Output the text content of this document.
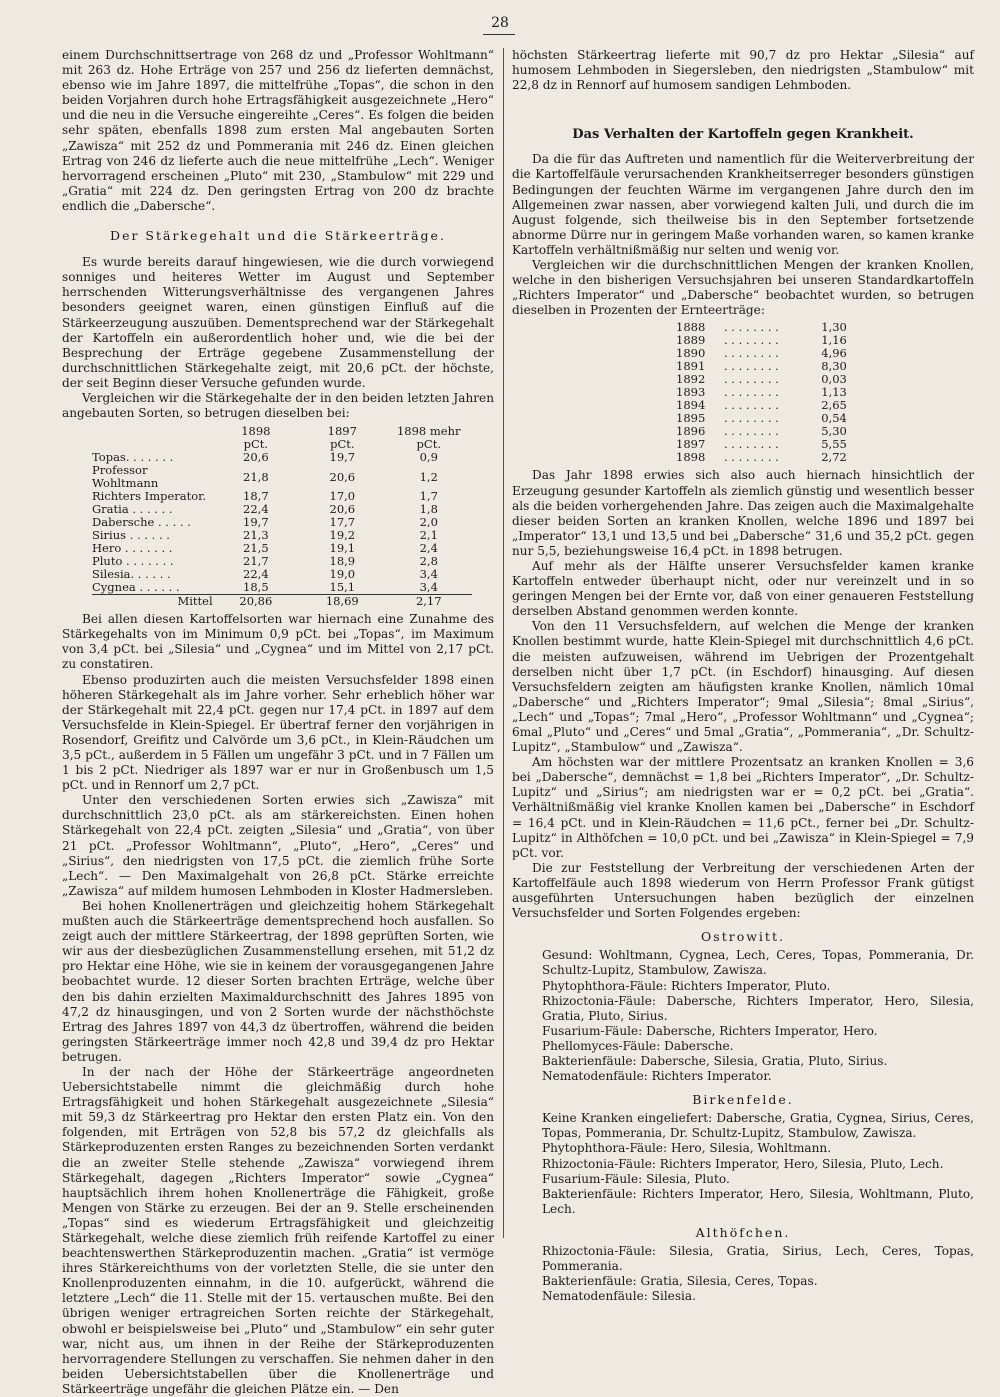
28

einem Durchschnittsertrage von 268 dz und „Professor Wohltmann“ mit 263 dz. Hohe Erträge von 257 und 256 dz lieferten demnächst, ebenso wie im Jahre 1897, die mittelfrühe „Topas“, die schon in den beiden Vorjahren durch hohe Ertragsfähigkeit ausgezeichnete „Hero“ und die neu in die Versuche eingereihte „Ceres“. Es folgen die beiden sehr späten, ebenfalls 1898 zum ersten Mal angebauten Sorten „Zawisza“ mit 252 dz und Pommerania mit 246 dz. Einen gleichen Ertrag von 246 dz lieferte auch die neue mittelfrühe „Lech“. Weniger hervorragend erscheinen „Pluto“ mit 230, „Stambulow“ mit 229 und „Gratia“ mit 224 dz. Den geringsten Ertrag von 200 dz brachte endlich die „Dabersche“.

Der Stärkegehalt und die Stärkeerträge.

Es wurde bereits darauf hingewiesen, wie die durch vorwiegend sonniges und heiteres Wetter im August und September herrschenden Witterungsverhältnisse des vergangenen Jahres besonders geeignet waren, einen günstigen Einfluß auf die Stärkeerzeugung auszuüben. Dementsprechend war der Stärkegehalt der Kartoffeln ein außerordentlich hoher und, wie die bei der Besprechung der Erträge gegebene Zusammenstellung der durchschnittlichen Stärkegehalte zeigt, mit 20,6 pCt. der höchste, der seit Beginn dieser Versuche gefunden wurde.

Vergleichen wir die Stärkegehalte der in den beiden letzten Jahren angebauten Sorten, so betrugen dieselben bei:

	1898	1897	1898 mehr
	pCt.	pCt.	pCt.
Topas. . . . . . .	20,6	19,7	0,9
Professor Wohltmann	21,8	20,6	1,2
Richters Imperator.	18,7	17,0	1,7
Gratia . . . . . .	22,4	20,6	1,8
Dabersche . . . . .	19,7	17,7	2,0
Sirius . . . . . .	21,3	19,2	2,1
Hero . . . . . . .	21,5	19,1	2,4
Pluto . . . . . . .	21,7	18,9	2,8
Silesia. . . . . .	22,4	19,0	3,4
Cygnea . . . . . .	18,5	15,1	3,4
Mittel	20,86	18,69	2,17

Bei allen diesen Kartoffelsorten war hiernach eine Zunahme des Stärkegehalts von im Minimum 0,9 pCt. bei „Topas“, im Maximum von 3,4 pCt. bei „Silesia“ und „Cygnea“ und im Mittel von 2,17 pCt. zu constatiren.

Ebenso produzirten auch die meisten Versuchsfelder 1898 einen höheren Stärkegehalt als im Jahre vorher. Sehr erheblich höher war der Stärkegehalt mit 22,4 pCt. gegen nur 17,4 pCt. in 1897 auf dem Versuchsfelde in Klein-Spiegel. Er übertraf ferner den vorjährigen in Rosendorf, Greifitz und Calvörde um 3,6 pCt., in Klein-Räudchen um 3,5 pCt., außerdem in 5 Fällen um ungefähr 3 pCt. und in 7 Fällen um 1 bis 2 pCt. Niedriger als 1897 war er nur in Großenbusch um 1,5 pCt. und in Rennorf um 2,7 pCt.

Unter den verschiedenen Sorten erwies sich „Zawisza“ mit durchschnittlich 23,0 pCt. als am stärkereichsten. Einen hohen Stärkegehalt von 22,4 pCt. zeigten „Silesia“ und „Gratia“, von über 21 pCt. „Professor Wohltmann“, „Pluto“, „Hero“, „Ceres“ und „Sirius“, den niedrigsten von 17,5 pCt. die ziemlich frühe Sorte „Lech“. — Den Maximalgehalt von 26,8 pCt. Stärke erreichte „Zawisza“ auf mildem humosen Lehmboden in Kloster Hadmersleben.

Bei hohen Knollenerträgen und gleichzeitig hohem Stärkegehalt mußten auch die Stärkeerträge dementsprechend hoch ausfallen. So zeigt auch der mittlere Stärkeertrag, der 1898 geprüften Sorten, wie wir aus der diesbezüglichen Zusammenstellung ersehen, mit 51,2 dz pro Hektar eine Höhe, wie sie in keinem der vorausgegangenen Jahre beobachtet wurde. 12 dieser Sorten brachten Erträge, welche über den bis dahin erzielten Maximaldurchschnitt des Jahres 1895 von 47,2 dz hinausgingen, und von 2 Sorten wurde der nächsthöchste Ertrag des Jahres 1897 von 44,3 dz übertroffen, während die beiden geringsten Stärkeerträge immer noch 42,8 und 39,4 dz pro Hektar betrugen.

In der nach der Höhe der Stärkeerträge angeordneten Uebersichtstabelle nimmt die gleichmäßig durch hohe Ertragsfähigkeit und hohen Stärkegehalt ausgezeichnete „Silesia“ mit 59,3 dz Stärkeertrag pro Hektar den ersten Platz ein. Von den folgenden, mit Erträgen von 52,8 bis 57,2 dz gleichfalls als Stärkeproduzenten ersten Ranges zu bezeichnenden Sorten verdankt die an zweiter Stelle stehende „Zawisza“ vorwiegend ihrem Stärkegehalt, dagegen „Richters Imperator“ sowie „Cygnea“ hauptsächlich ihrem hohen Knollenerträge die Fähigkeit, große Mengen von Stärke zu erzeugen. Bei der an 9. Stelle erscheinenden „Topas“ sind es wiederum Ertragsfähigkeit und gleichzeitig Stärkegehalt, welche diese ziemlich früh reifende Kartoffel zu einer beachtenswerthen Stärkeproduzentin machen. „Gratia“ ist vermöge ihres Stärkereichthums von der vorletzten Stelle, die sie unter den Knollenproduzenten einnahm, in die 10. aufgerückt, während die letztere „Lech“ die 11. Stelle mit der 15. vertauschen mußte. Bei den übrigen weniger ertragreichen Sorten reichte der Stärkegehalt, obwohl er beispielsweise bei „Pluto“ und „Stambulow“ ein sehr guter war, nicht aus, um ihnen in der Reihe der Stärkeproduzenten hervorragendere Stellungen zu verschaffen. Sie nehmen daher in den beiden Uebersichtstabellen über die Knollenerträge und Stärkeerträge ungefähr die gleichen Plätze ein. — Den

höchsten Stärkeertrag lieferte mit 90,7 dz pro Hektar „Silesia“ auf humosem Lehmboden in Siegersleben, den niedrigsten „Stambulow“ mit 22,8 dz in Rennorf auf humosem sandigen Lehmboden.

Das Verhalten der Kartoffeln gegen Krankheit.

Da die für das Auftreten und namentlich für die Weiterverbreitung der die Kartoffelfäule verursachenden Krankheitserreger besonders günstigen Bedingungen der feuchten Wärme im vergangenen Jahre durch den im Allgemeinen zwar nassen, aber vorwiegend kalten Juli, und durch die im August folgende, sich theilweise bis in den September fortsetzende abnorme Dürre nur in geringem Maße vorhanden waren, so kamen kranke Kartoffeln verhältnißmäßig nur selten und wenig vor.

Vergleichen wir die durchschnittlichen Mengen der kranken Knollen, welche in den bisherigen Versuchsjahren bei unseren Standardkartoffeln „Richters Imperator“ und „Dabersche“ beobachtet wurden, so betrugen dieselben in Prozenten der Ernteerträge:

1888	. . . . . . . .	1,30
1889	. . . . . . . .	1,16
1890	. . . . . . . .	4,96
1891	. . . . . . . .	8,30
1892	. . . . . . . .	0,03
1893	. . . . . . . .	1,13
1894	. . . . . . . .	2,65
1895	. . . . . . . .	0,54
1896	. . . . . . . .	5,30
1897	. . . . . . . .	5,55
1898	. . . . . . . .	2,72

Das Jahr 1898 erwies sich also auch hiernach hinsichtlich der Erzeugung gesunder Kartoffeln als ziemlich günstig und wesentlich besser als die beiden vorhergehenden Jahre. Das zeigen auch die Maximalgehalte dieser beiden Sorten an kranken Knollen, welche 1896 und 1897 bei „Imperator“ 13,1 und 13,5 und bei „Dabersche“ 31,6 und 35,2 pCt. gegen nur 5,5, beziehungsweise 16,4 pCt. in 1898 betrugen.

Auf mehr als der Hälfte unserer Versuchsfelder kamen kranke Kartoffeln entweder überhaupt nicht, oder nur vereinzelt und in so geringen Mengen bei der Ernte vor, daß von einer genaueren Feststellung derselben Abstand genommen werden konnte.

Von den 11 Versuchsfeldern, auf welchen die Menge der kranken Knollen bestimmt wurde, hatte Klein-Spiegel mit durchschnittlich 4,6 pCt. die meisten aufzuweisen, während im Uebrigen der Prozentgehalt derselben nicht über 1,7 pCt. (in Eschdorf) hinausging. Auf diesen Versuchsfeldern zeigten am häufigsten kranke Knollen, nämlich 10mal „Dabersche“ und „Richters Imperator“; 9mal „Silesia“; 8mal „Sirius“, „Lech“ und „Topas“; 7mal „Hero“, „Professor Wohltmann“ und „Cygnea“; 6mal „Pluto“ und „Ceres“ und 5mal „Gratia“, „Pommerania“, „Dr. Schultz-Lupitz“, „Stambulow“ und „Zawisza“.

Am höchsten war der mittlere Prozentsatz an kranken Knollen = 3,6 bei „Dabersche“, demnächst = 1,8 bei „Richters Imperator“, „Dr. Schultz-Lupitz“ und „Sirius“; am niedrigsten war er = 0,2 pCt. bei „Gratia“. Verhältnißmäßig viel kranke Knollen kamen bei „Dabersche“ in Eschdorf = 16,4 pCt. und in Klein-Räudchen = 11,6 pCt., ferner bei „Dr. Schultz-Lupitz“ in Althöfchen = 10,0 pCt. und bei „Zawisza“ in Klein-Spiegel = 7,9 pCt. vor.

Die zur Feststellung der Verbreitung der verschiedenen Arten der Kartoffelfäule auch 1898 wiederum von Herrn Professor Frank gütigst ausgeführten Untersuchungen haben bezüglich der einzelnen Versuchsfelder und Sorten Folgendes ergeben:

Ostrowitt.

Gesund: Wohltmann, Cygnea, Lech, Ceres, Topas, Pommerania, Dr. Schultz-Lupitz, Stambulow, Zawisza.

Phytophthora-Fäule: Richters Imperator, Pluto.

Rhizoctonia-Fäule: Dabersche, Richters Imperator, Hero, Silesia, Gratia, Pluto, Sirius.

Fusarium-Fäule: Dabersche, Richters Imperator, Hero.

Phellomyces-Fäule: Dabersche.

Bakterienfäule: Dabersche, Silesia, Gratia, Pluto, Sirius.

Nematodenfäule: Richters Imperator.

Birkenfelde.

Keine Kranken eingeliefert: Dabersche, Gratia, Cygnea, Sirius, Ceres, Topas, Pommerania, Dr. Schultz-Lupitz, Stambulow, Zawisza.

Phytophthora-Fäule: Hero, Silesia, Wohltmann.

Rhizoctonia-Fäule: Richters Imperator, Hero, Silesia, Pluto, Lech.

Fusarium-Fäule: Silesia, Pluto.

Bakterienfäule: Richters Imperator, Hero, Silesia, Wohltmann, Pluto, Lech.

Althöfchen.

Rhizoctonia-Fäule: Silesia, Gratia, Sirius, Lech, Ceres, Topas, Pommerania.

Bakterienfäule: Gratia, Silesia, Ceres, Topas.

Nematodenfäule: Silesia.
